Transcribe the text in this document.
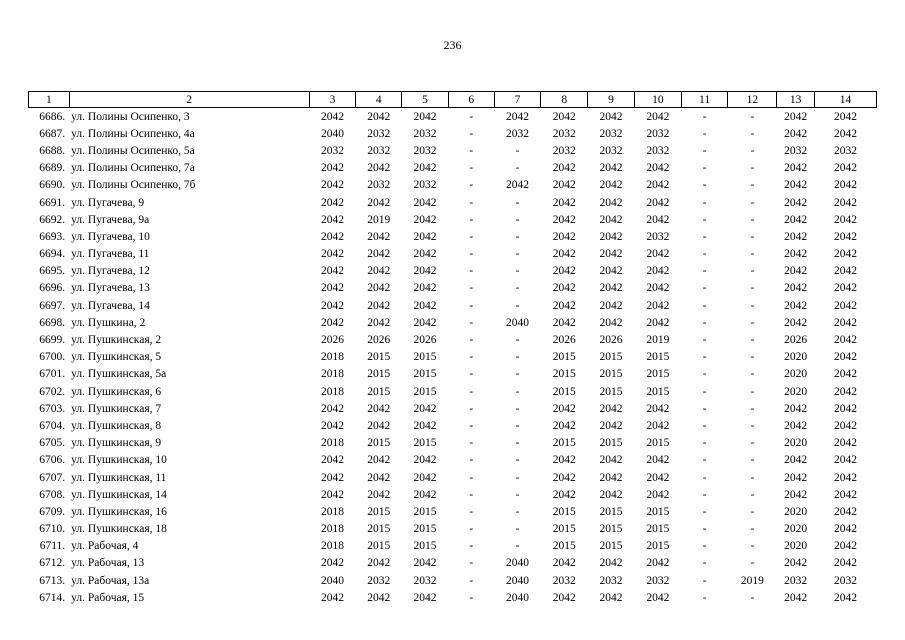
236
1	2	3	4	5	6	7	8	9	10	11	12	13	14
6686.	ул. Полины Осипенко, 3	2042	2042	2042	-	2042	2042	2042	2042	-	-	2042	2042
6687.	ул. Полины Осипенко, 4а	2040	2032	2032	-	2032	2032	2032	2032	-	-	2042	2042
6688.	ул. Полины Осипенко, 5а	2032	2032	2032	-	-	2032	2032	2032	-	-	2032	2032
6689.	ул. Полины Осипенко, 7а	2042	2042	2042	-	-	2042	2042	2042	-	-	2042	2042
6690.	ул. Полины Осипенко, 7б	2042	2032	2032	-	2042	2042	2042	2042	-	-	2042	2042
6691.	ул. Пугачева, 9	2042	2042	2042	-	-	2042	2042	2042	-	-	2042	2042
6692.	ул. Пугачева, 9а	2042	2019	2042	-	-	2042	2042	2042	-	-	2042	2042
6693.	ул. Пугачева, 10	2042	2042	2042	-	-	2042	2042	2032	-	-	2042	2042
6694.	ул. Пугачева, 11	2042	2042	2042	-	-	2042	2042	2042	-	-	2042	2042
6695.	ул. Пугачева, 12	2042	2042	2042	-	-	2042	2042	2042	-	-	2042	2042
6696.	ул. Пугачева, 13	2042	2042	2042	-	-	2042	2042	2042	-	-	2042	2042
6697.	ул. Пугачева, 14	2042	2042	2042	-	-	2042	2042	2042	-	-	2042	2042
6698.	ул. Пушкина, 2	2042	2042	2042	-	2040	2042	2042	2042	-	-	2042	2042
6699.	ул. Пушкинская, 2	2026	2026	2026	-	-	2026	2026	2019	-	-	2026	2042
6700.	ул. Пушкинская, 5	2018	2015	2015	-	-	2015	2015	2015	-	-	2020	2042
6701.	ул. Пушкинская, 5а	2018	2015	2015	-	-	2015	2015	2015	-	-	2020	2042
6702.	ул. Пушкинская, 6	2018	2015	2015	-	-	2015	2015	2015	-	-	2020	2042
6703.	ул. Пушкинская, 7	2042	2042	2042	-	-	2042	2042	2042	-	-	2042	2042
6704.	ул. Пушкинская, 8	2042	2042	2042	-	-	2042	2042	2042	-	-	2042	2042
6705.	ул. Пушкинская, 9	2018	2015	2015	-	-	2015	2015	2015	-	-	2020	2042
6706.	ул. Пушкинская, 10	2042	2042	2042	-	-	2042	2042	2042	-	-	2042	2042
6707.	ул. Пушкинская, 11	2042	2042	2042	-	-	2042	2042	2042	-	-	2042	2042
6708.	ул. Пушкинская, 14	2042	2042	2042	-	-	2042	2042	2042	-	-	2042	2042
6709.	ул. Пушкинская, 16	2018	2015	2015	-	-	2015	2015	2015	-	-	2020	2042
6710.	ул. Пушкинская, 18	2018	2015	2015	-	-	2015	2015	2015	-	-	2020	2042
6711.	ул. Рабочая, 4	2018	2015	2015	-	-	2015	2015	2015	-	-	2020	2042
6712.	ул. Рабочая, 13	2042	2042	2042	-	2040	2042	2042	2042	-	-	2042	2042
6713.	ул. Рабочая, 13а	2040	2032	2032	-	2040	2032	2032	2032	-	2019	2032	2032
6714.	ул. Рабочая, 15	2042	2042	2042	-	2040	2042	2042	2042	-	-	2042	2042
